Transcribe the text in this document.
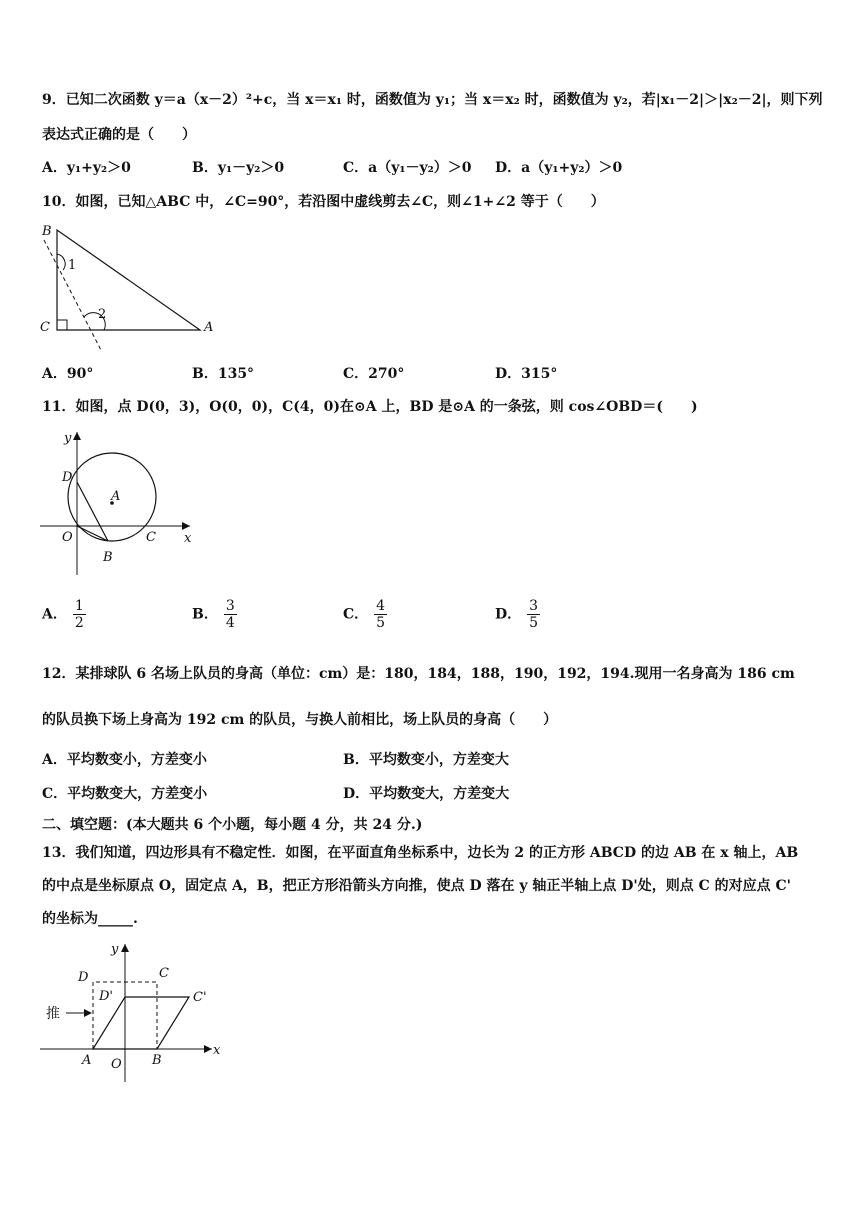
9．已知二次函数 y＝a（x－2）²+c，当 x＝x₁ 时，函数值为 y₁；当 x＝x₂ 时，函数值为 y₂，若|x₁－2|＞|x₂－2|，则下列
表达式正确的是（　　）
A．y₁+y₂＞0	B．y₁－y₂＞0	C．a（y₁－y₂）＞0 D．a（y₁+y₂）＞0
10．如图，已知△ABC 中，∠C=90°，若沿图中虚线剪去∠C，则∠1+∠2 等于（　　）
B
C	A
1
2
A．90°	B．135°	C．270°	D．315°
11．如图，点 D(0，3)，O(0，0)，C(4，0)在⊙A 上，BD 是⊙A 的一条弦，则 cos∠OBD＝(　　)
y
x
D
A
O
B
C
A． $\frac{1}{2}$	B． $\frac{3}{4}$	C． $\frac{4}{5}$	D． $\frac{3}{5}$
12．某排球队 6 名场上队员的身高（单位：cm）是：180，184，188，190，192，194.现用一名身高为 186 cm
的队员换下场上身高为 192 cm 的队员，与换人前相比，场上队员的身高（　　）
A．平均数变小，方差变小	B．平均数变小，方差变大
C．平均数变大，方差变小	D．平均数变大，方差变大
二、填空题：(本大题共 6 个小题，每小题 4 分，共 24 分.)
13．我们知道，四边形具有不稳定性．如图，在平面直角坐标系中，边长为 2 的正方形 ABCD 的边 AB 在 x 轴上，AB
的中点是坐标原点 O，固定点 A，B，把正方形沿箭头方向推，使点 D 落在 y 轴正半轴上点 D'处，则点 C 的对应点 C'
的坐标为_____.
y
x
D	C
D'	C'
推
A O B
